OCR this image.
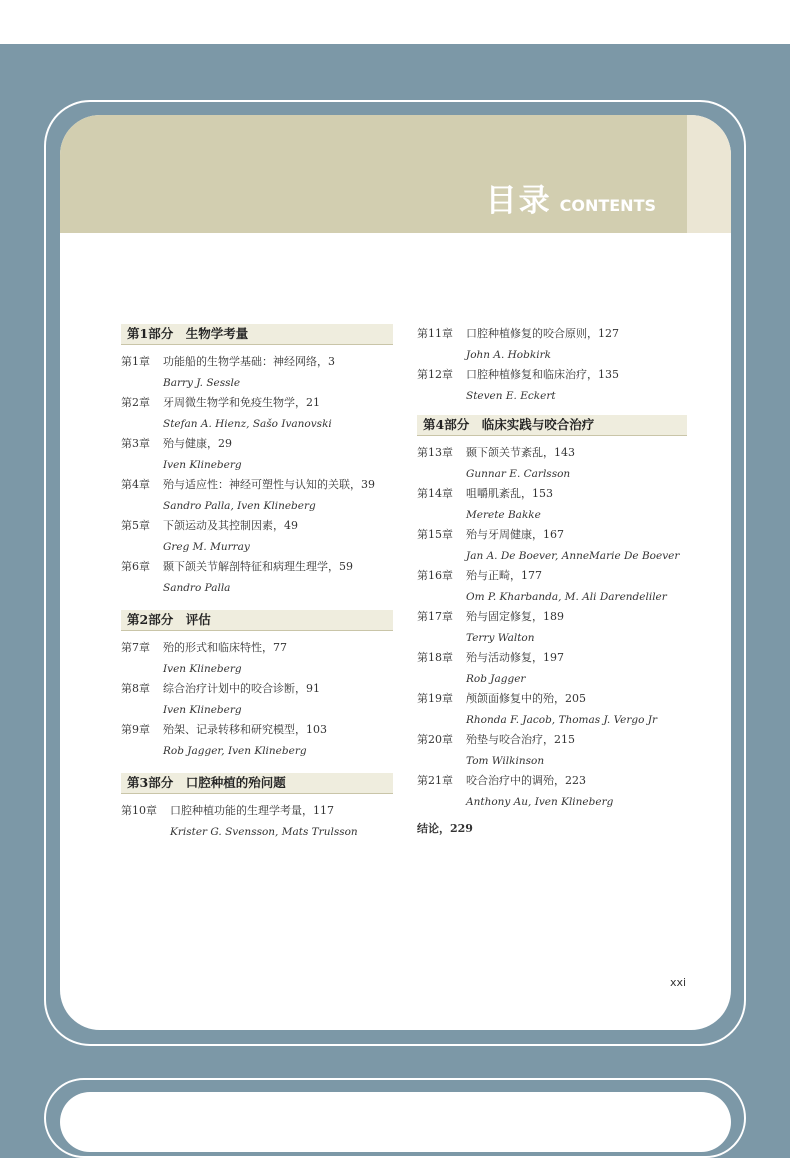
目录 CONTENTS
第1部分　生物学考量
第1章	功能船的生物学基础：神经网络，3
Barry J. Sessle
第2章	牙周微生物学和免疫生物学，21
Stefan A. Hienz, Sašo Ivanovski
第3章	殆与健康，29
Iven Klineberg
第4章	殆与适应性：神经可塑性与认知的关联，39
Sandro Palla, Iven Klineberg
第5章	下颌运动及其控制因素，49
Greg M. Murray
第6章	颞下颌关节解剖特征和病理生理学，59
Sandro Palla
第2部分　评估
第7章	殆的形式和临床特性，77
Iven Klineberg
第8章	综合治疗计划中的咬合诊断，91
Iven Klineberg
第9章	殆架、记录转移和研究模型，103
Rob Jagger, Iven Klineberg
第3部分　口腔种植的殆问题
第10章	口腔种植功能的生理学考量，117
Krister G. Svensson, Mats Trulsson
第11章	口腔种植修复的咬合原则，127
John A. Hobkirk
第12章	口腔种植修复和临床治疗，135
Steven E. Eckert
第4部分　临床实践与咬合治疗
第13章	颞下颌关节紊乱，143
Gunnar E. Carlsson
第14章	咀嚼肌紊乱，153
Merete Bakke
第15章	殆与牙周健康，167
Jan A. De Boever, AnneMarie De Boever
第16章	殆与正畸，177
Om P. Kharbanda, M. Ali Darendeliler
第17章	殆与固定修复，189
Terry Walton
第18章	殆与活动修复，197
Rob Jagger
第19章	颅颌面修复中的殆，205
Rhonda F. Jacob, Thomas J. Vergo Jr
第20章	殆垫与咬合治疗，215
Tom Wilkinson
第21章	咬合治疗中的调殆，223
Anthony Au, Iven Klineberg
结论，229
xxi
